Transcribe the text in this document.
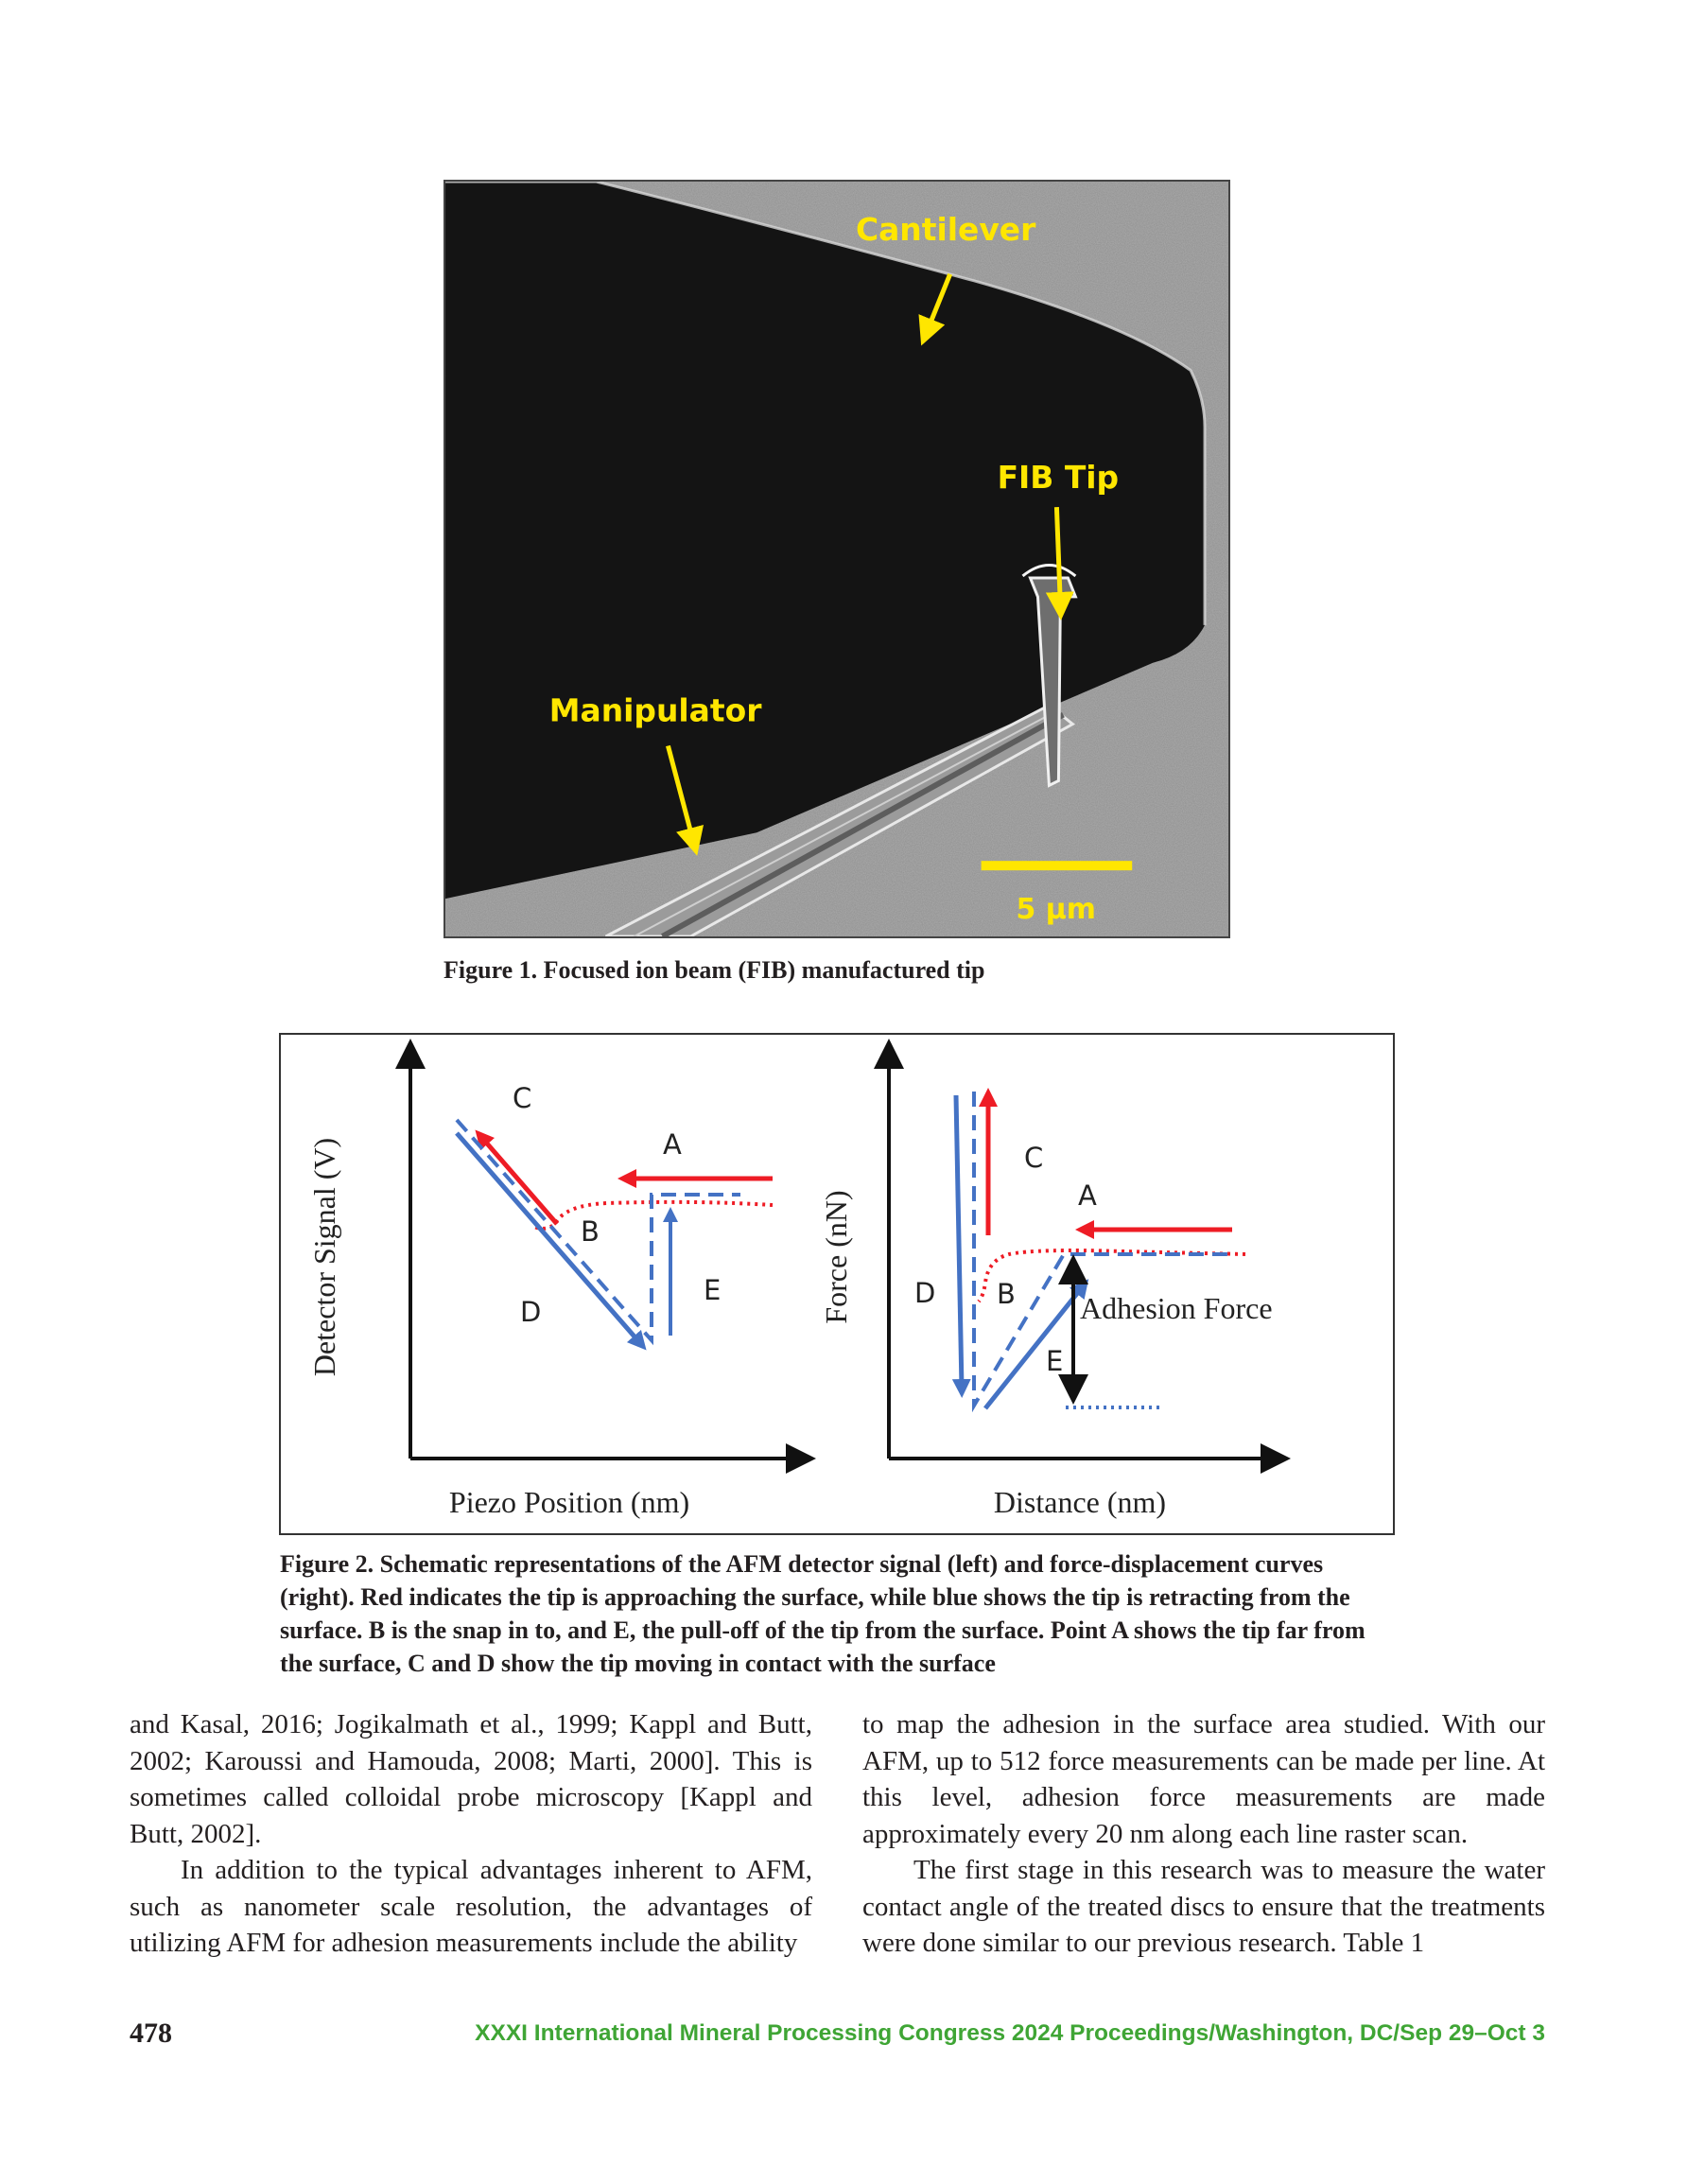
Cantilever
FIB Tip
Manipulator
5 µm
Figure 1. Focused ion beam (FIB) manufactured tip
Detector Signal (V)
Piezo Position (nm)
C
A
B
E
D	Force (nN)
Distance (nm)
Adhesion Force
C
A
B
D
E
Figure 2. Schematic representations of the AFM detector signal (left) and force-displacement curves (right). Red indicates the tip is approaching the surface, while blue shows the tip is retracting from the surface. B is the snap in to, and E, the pull-off of the tip from the surface. Point A shows the tip far from the surface, C and D show the tip moving in contact with the surface

and Kasal, 2016; Jogikalmath et al., 1999; Kappl and Butt, 2002; Karoussi and Hamouda, 2008; Marti, 2000]. This is sometimes called colloidal probe microscopy [Kappl and Butt, 2002].

In addition to the typical advantages inherent to AFM, such as nanometer scale resolution, the advantages of utilizing AFM for adhesion measurements include the ability

to map the adhesion in the surface area studied. With our AFM, up to 512 force measurements can be made per line. At this level, adhesion force measurements are made approximately every 20 nm along each line raster scan.

The first stage in this research was to measure the water contact angle of the treated discs to ensure that the treatments were done similar to our previous research. Table 1

478	XXXI International Mineral Processing Congress 2024 Proceedings/Washington, DC/Sep 29–Oct 3
